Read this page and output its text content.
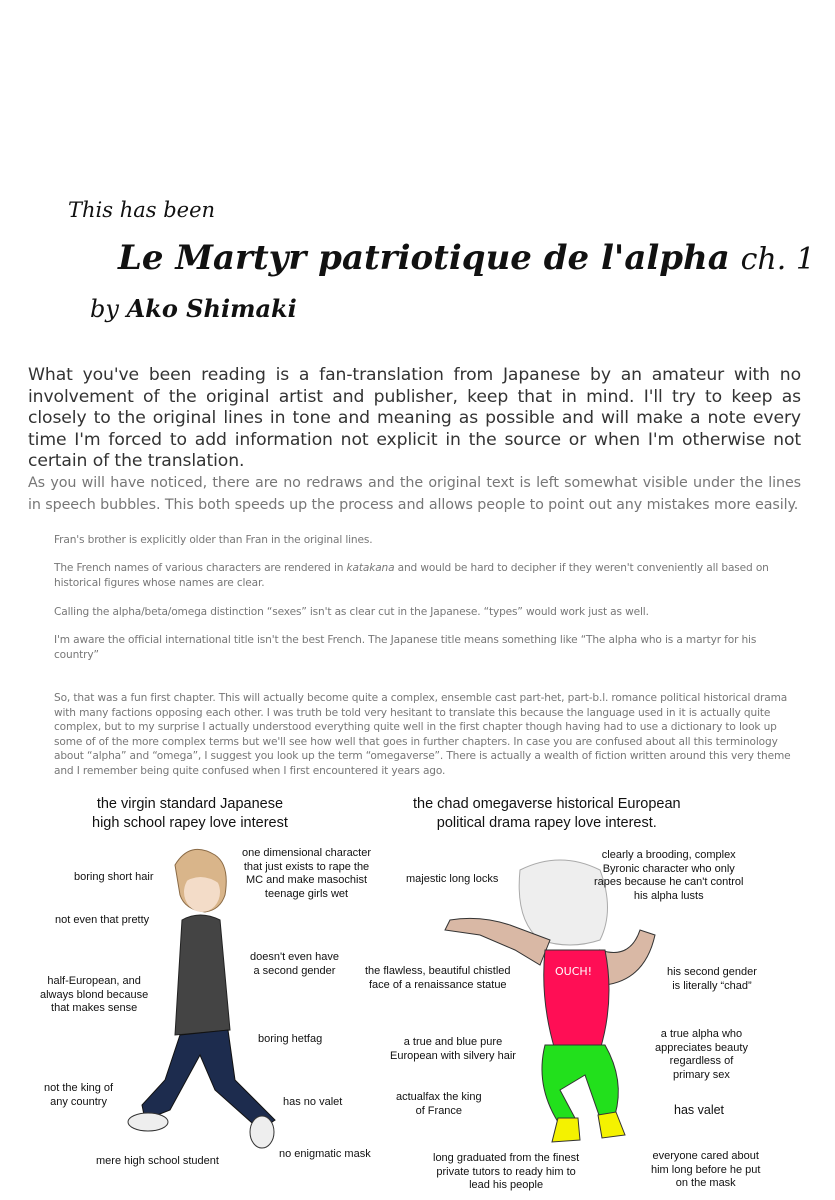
This has been
Le Martyr patriotique de l'alpha ch. 1
by Ako Shimaki
What you've been reading is a fan-translation from Japanese by an amateur with no involvement of the original artist and publisher, keep that in mind. I'll try to keep as closely to the original lines in tone and meaning as possible and will make a note every time I'm forced to add information not explicit in the source or when I'm otherwise not certain of the translation.
As you will have noticed, there are no redraws and the original text is left somewhat visible under the lines in speech bubbles. This both speeds up the process and allows people to point out any mistakes more easily.
Fran's brother is explicitly older than Fran in the original lines.
The French names of various characters are rendered in katakana and would be hard to decipher if they weren't conveniently all based on historical figures whose names are clear.
Calling the alpha/beta/omega distinction “sexes” isn't as clear cut in the Japanese. “types” would work just as well.
I'm aware the official international title isn't the best French. The Japanese title means something like “The alpha who is a martyr for his country”
So, that was a fun first chapter. This will actually become quite a complex, ensemble cast part-het, part-b.l. romance political historical drama with many factions opposing each other. I was truth be told very hesitant to translate this because the language used in it is actually quite complex, but to my surprise I actually understood everything quite well in the first chapter though having had to use a dictionary to look up some of of the more complex terms but we'll see how well that goes in further chapters. In case you are confused about all this terminology about “alpha” and “omega”, I suggest you look up the term “omegaverse”. There is actually a wealth of fiction written around this very theme and I remember being quite confused when I first encountered it years ago.
OUCH!
the virgin standard Japanese
high school rapey love interest
boring short hair
not even that pretty
half-European, and
always blond because
that makes sense
not the king of
any country
mere high school student
one dimensional character
that just exists to rape the
MC and make masochist
teenage girls wet
doesn't even have
a second gender
boring hetfag
has no valet
no enigmatic mask
the chad omegaverse historical European
political drama rapey love interest.
majestic long locks
clearly a brooding, complex
Byronic character who only
rapes because he can't control
his alpha lusts
the flawless, beautiful chistled
face of a renaissance statue
his second gender
is literally “chad”
a true and blue pure
European with silvery hair
a true alpha who
appreciates beauty
regardless of
primary sex
actualfax the king
of France	has valet
long graduated from the finest
private tutors to ready him to
lead his people
everyone cared about
him long before he put
on the mask
